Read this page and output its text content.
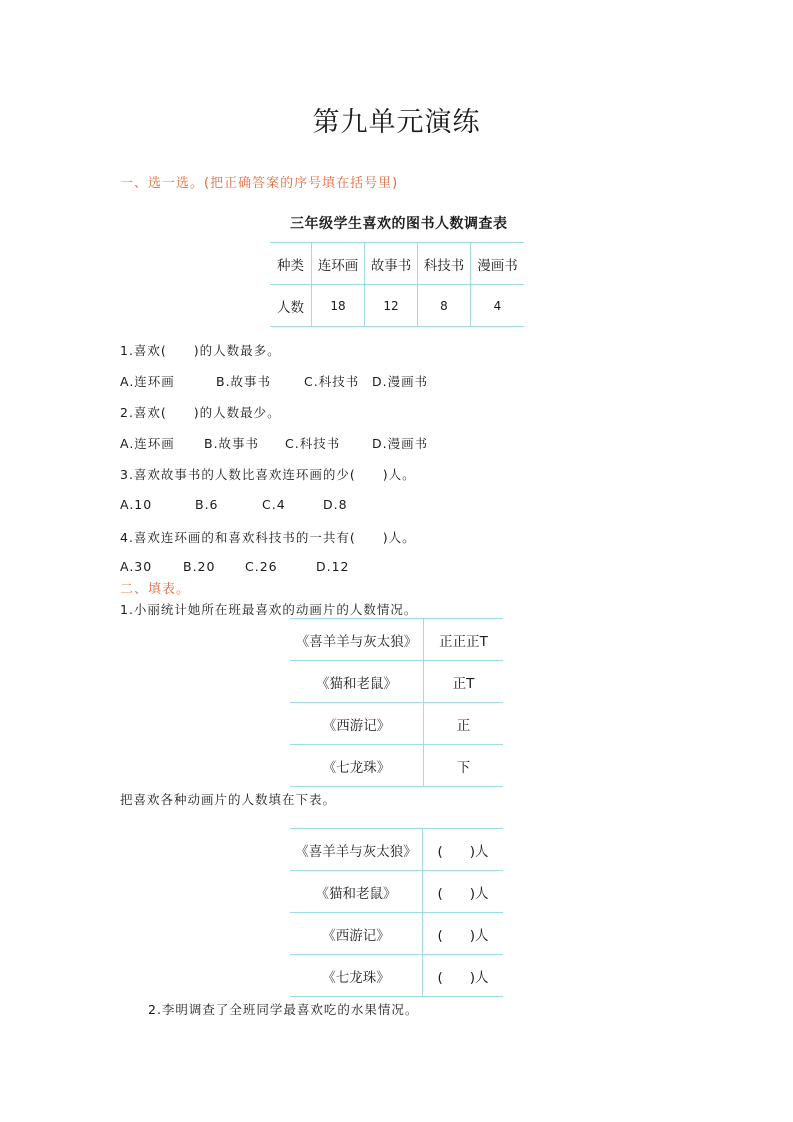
第九单元演练
一、选一选。(把正确答案的序号填在括号里)
三年级学生喜欢的图书人数调查表
种类	连环画	故事书	科技书	漫画书
人数	18	12	8	4
1.喜欢(　　)的人数最多。
A.连环画	B.故事书	C.科技书 D.漫画书
2.喜欢(　　)的人数最少。
A.连环画 B.故事书 C.科技书	D.漫画书
3.喜欢故事书的人数比喜欢连环画的少(　　)人。
A.10	B.6	C.4	D.8
4.喜欢连环画的和喜欢科技书的一共有(　　)人。
A.30 B.20 C.26	D.12
二、填表。
1.小丽统计她所在班最喜欢的动画片的人数情况。
《喜羊羊与灰太狼》	正正正T
《猫和老鼠》	正T
《西游记》	正
《七龙珠》	下
把喜欢各种动画片的人数填在下表。
《喜羊羊与灰太狼》	(　　)人
《猫和老鼠》	(　　)人
《西游记》	(　　)人
《七龙珠》	(　　)人
2.李明调查了全班同学最喜欢吃的水果情况。
